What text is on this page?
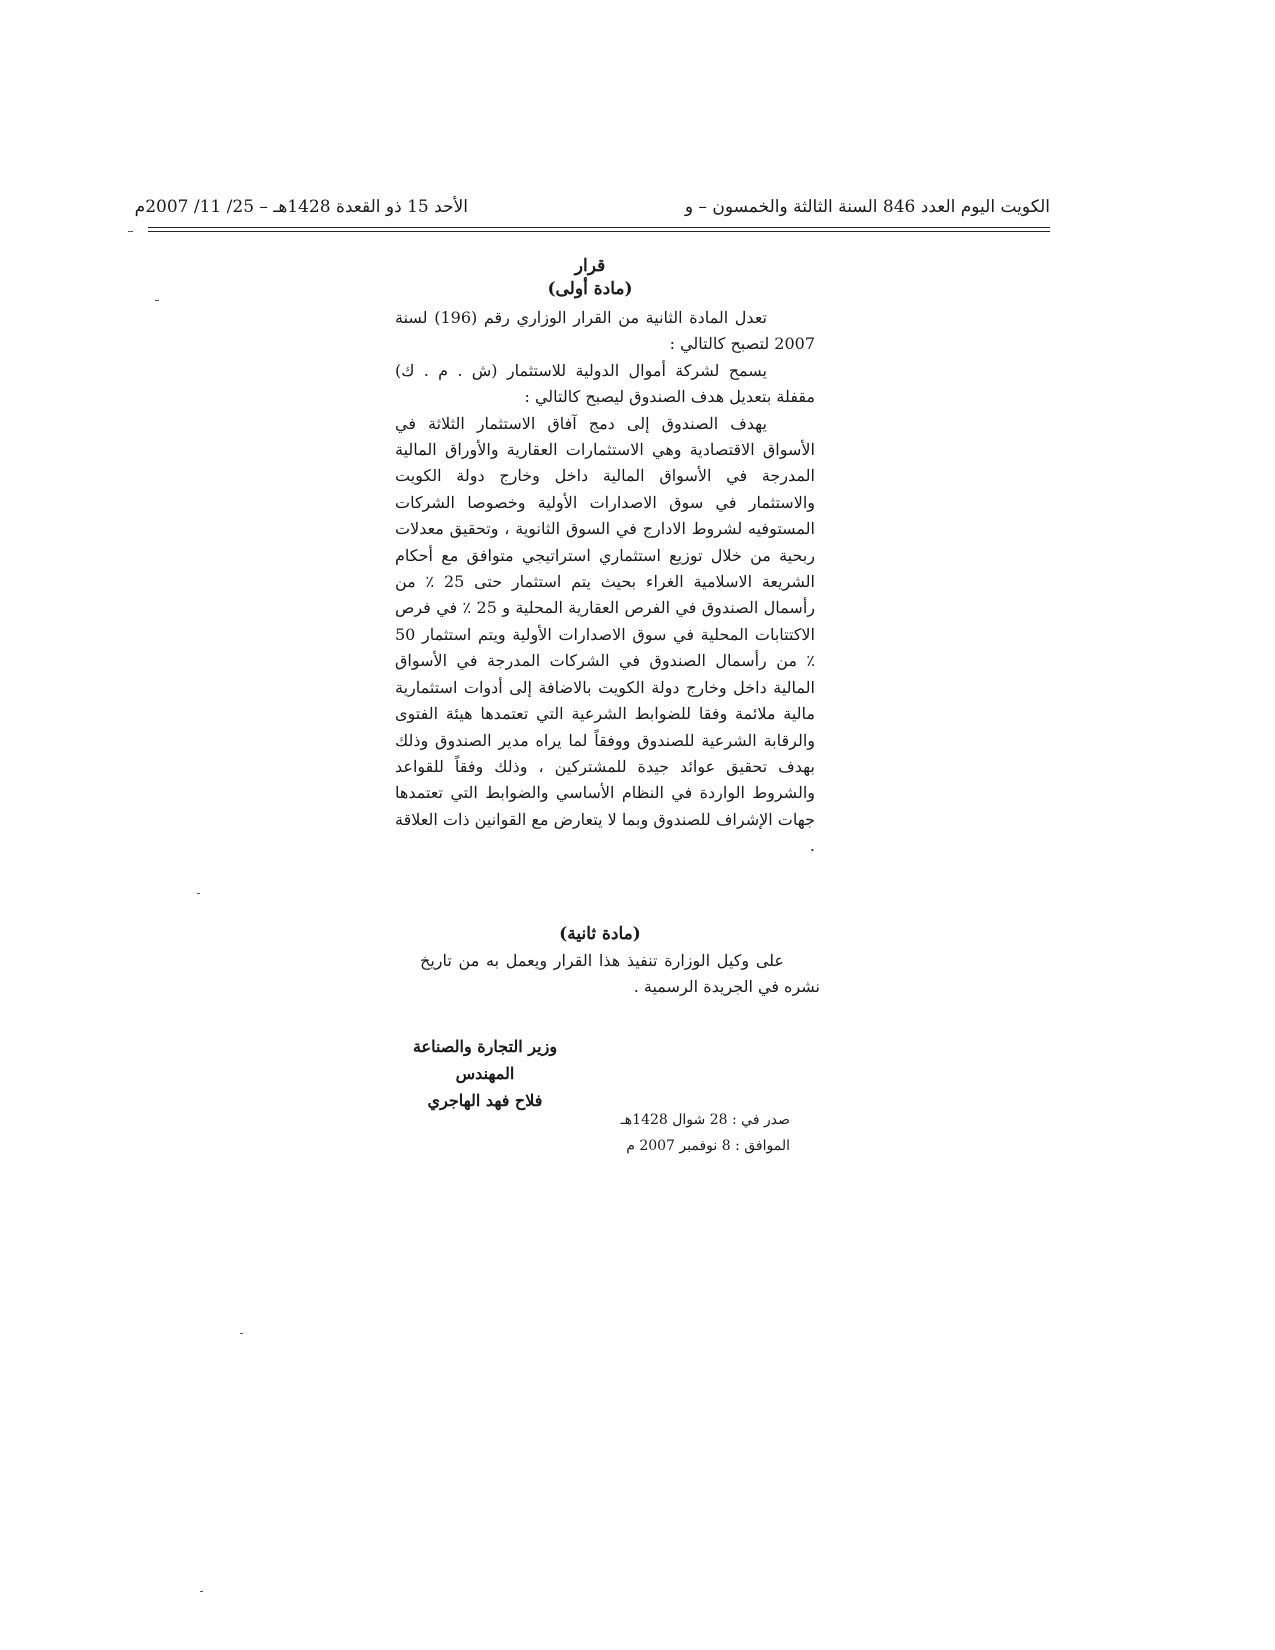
الكويت اليوم العدد 846 السنة الثالثة والخمسون – و
الأحد 15 ذو القعدة 1428هـ – 25/ 11/ 2007م
قرار
(مادة أولى)

تعدل المادة الثانية من القرار الوزاري رقم (196) لسنة 2007 لتصبح كالتالي :

يسمح لشركة أموال الدولية للاستثمار (ش . م . ك) مقفلة بتعديل هدف الصندوق ليصبح كالتالي :

يهدف الصندوق إلى دمج آفاق الاستثمار الثلاثة في الأسواق الاقتصادية وهي الاستثمارات العقارية والأوراق المالية المدرجة في الأسواق المالية داخل وخارج دولة الكويت والاستثمار في سوق الاصدارات الأولية وخصوصا الشركات المستوفيه لشروط الادارج في السوق الثانوية ، وتحقيق معدلات ربحية من خلال توزيع استثماري استراتيجي متوافق مع أحكام الشريعة الاسلامية الغراء بحيث يتم استثمار حتى 25 ٪ من رأسمال الصندوق في الفرص العقارية المحلية و 25 ٪ في فرص الاكتتابات المحلية في سوق الاصدارات الأولية ويتم استثمار 50 ٪ من رأسمال الصندوق في الشركات المدرجة في الأسواق المالية داخل وخارج دولة الكويت بالاضافة إلى أدوات استثمارية مالية ملائمة وفقا للضوابط الشرعية التي تعتمدها هيئة الفتوى والرقابة الشرعية للصندوق ووفقاً لما يراه مدير الصندوق وذلك بهدف تحقيق عوائد جيدة للمشتركين ، وذلك وفقاً للقواعد والشروط الواردة في النظام الأساسي والضوابط التي تعتمدها جهات الإشراف للصندوق وبما لا يتعارض مع القوانين ذات العلاقة .

(مادة ثانية)

على وكيل الوزارة تنفيذ هذا القرار ويعمل به من تاريخ نشره في الجريدة الرسمية .

وزير التجارة والصناعة
المهندس
فلاح فهد الهاجري
صدر في : 28 شوال 1428هـ
الموافق : 8 نوفمبر 2007 م
